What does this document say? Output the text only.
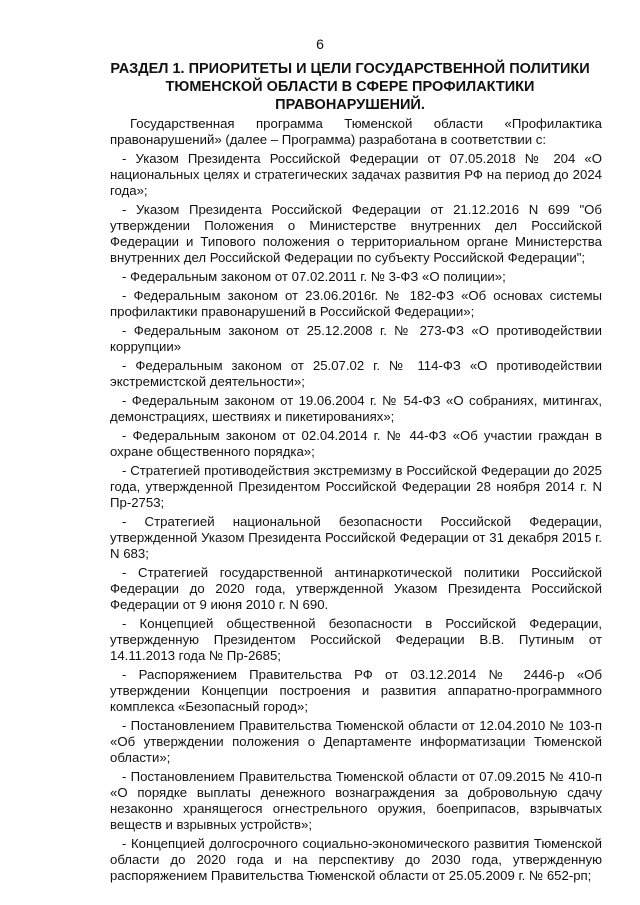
6
РАЗДЕЛ 1. ПРИОРИТЕТЫ И ЦЕЛИ ГОСУДАРСТВЕННОЙ ПОЛИТИКИ
ТЮМЕНСКОЙ ОБЛАСТИ В СФЕРЕ ПРОФИЛАКТИКИ ПРАВОНАРУШЕНИЙ.

Государственная программа Тюменской области «Профилактика правонарушений» (далее – Программа) разработана в соответствии с:

- Указом Президента Российской Федерации от 07.05.2018 № 204 «О национальных целях и стратегических задачах развития РФ на период до 2024 года»;

- Указом Президента Российской Федерации от 21.12.2016 N 699 "Об утверждении Положения о Министерстве внутренних дел Российской Федерации и Типового положения о территориальном органе Министерства внутренних дел Российской Федерации по субъекту Российской Федерации";

- Федеральным законом от 07.02.2011 г. № 3-ФЗ «О полиции»;

- Федеральным законом от 23.06.2016г. № 182-ФЗ «Об основах системы профилактики правонарушений в Российской Федерации»;

- Федеральным законом от 25.12.2008 г. № 273-ФЗ «О противодействии коррупции»

- Федеральным законом от 25.07.02 г. № 114-ФЗ «О противодействии экстремистской деятельности»;

- Федеральным законом от 19.06.2004 г. № 54-ФЗ «О собраниях, митингах, демонстрациях, шествиях и пикетированиях»;

- Федеральным законом от 02.04.2014 г. № 44-ФЗ «Об участии граждан в охране общественного порядка»;

- Стратегией противодействия экстремизму в Российской Федерации до 2025 года, утвержденной Президентом Российской Федерации 28 ноября 2014 г. N Пр-2753;

- Стратегией национальной безопасности Российской Федерации, утвержденной Указом Президента Российской Федерации от 31 декабря 2015 г. N 683;

- Стратегией государственной антинаркотической политики Российской Федерации до 2020 года, утвержденной Указом Президента Российской Федерации от 9 июня 2010 г. N 690.

- Концепцией общественной безопасности в Российской Федерации, утвержденную Президентом Российской Федерации В.В. Путиным от 14.11.2013 года № Пр-2685;

- Распоряжением Правительства РФ от 03.12.2014 № 2446-р «Об утверждении Концепции построения и развития аппаратно-программного комплекса «Безопасный город»;

- Постановлением Правительства Тюменской области от 12.04.2010 № 103-п «Об утверждении положения о Департаменте информатизации Тюменской области»;

- Постановлением Правительства Тюменской области от 07.09.2015 № 410-п «О порядке выплаты денежного вознаграждения за добровольную сдачу незаконно хранящегося огнестрельного оружия, боеприпасов, взрывчатых веществ и взрывных устройств»;

- Концепцией долгосрочного социально-экономического развития Тюменской области до 2020 года и на перспективу до 2030 года, утвержденную распоряжением Правительства Тюменской области от 25.05.2009 г. № 652-рп;
